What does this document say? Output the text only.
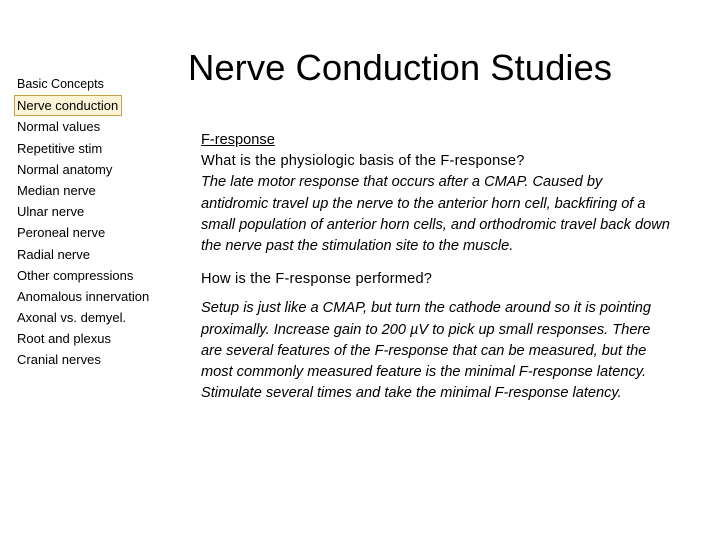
Basic Concepts
Nerve conduction
Normal values
Repetitive stim
Normal anatomy
Median nerve
Ulnar nerve
Peroneal nerve
Radial nerve
Other compressions
Anomalous innervation
Axonal vs. demyel.
Root and plexus
Cranial nerves
Nerve Conduction Studies

F-response

What is the physiologic basis of the F-response?

The late motor response that occurs after a CMAP. Caused by antidromic travel up the nerve to the anterior horn cell, backfiring of a small population of anterior horn cells, and orthodromic travel back down the nerve past the stimulation site to the muscle.

How is the F-response performed?

Setup is just like a CMAP, but turn the cathode around so it is pointing proximally. Increase gain to 200 µV to pick up small responses. There are several features of the F-response that can be measured, but the most commonly measured feature is the minimal F-response latency. Stimulate several times and take the minimal F-response latency.
